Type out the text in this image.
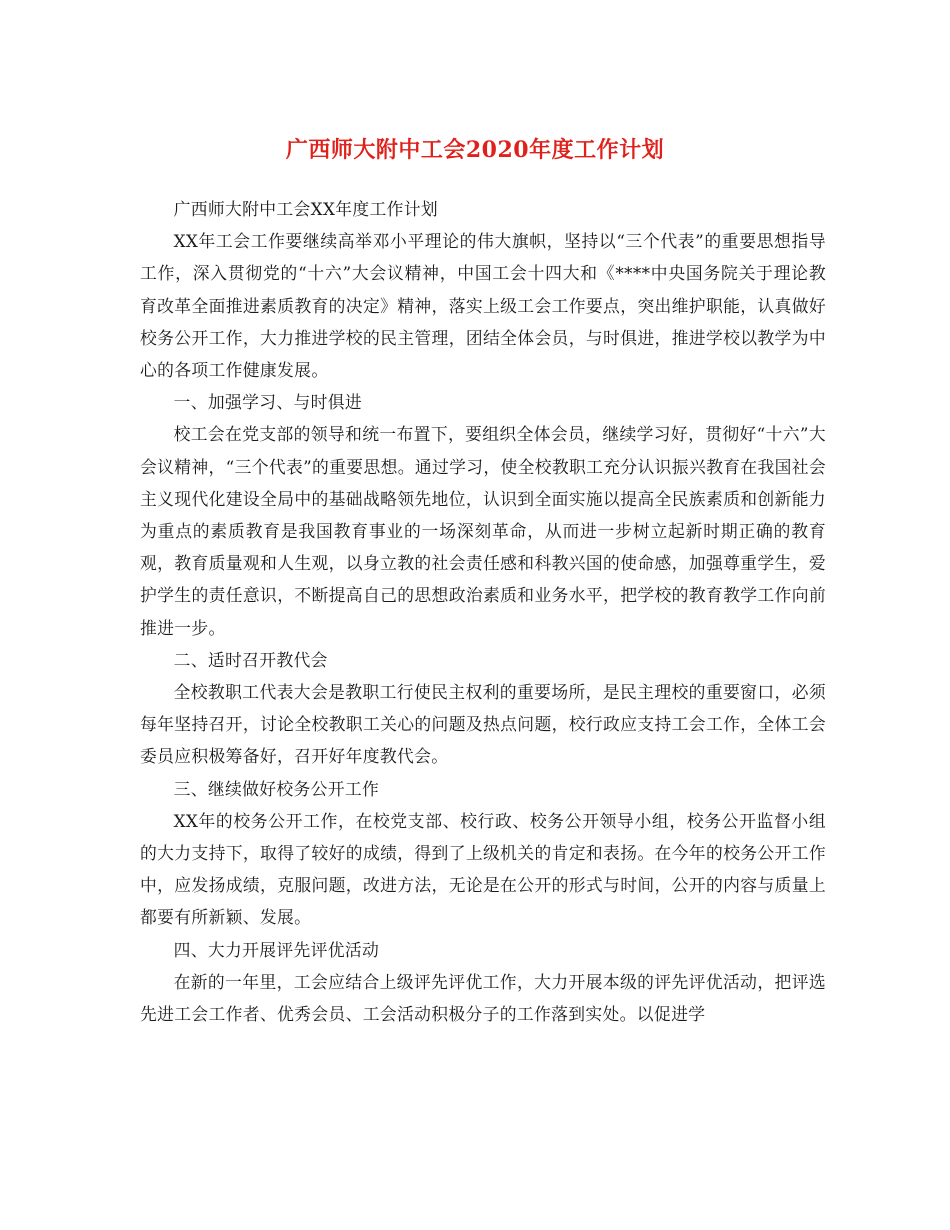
广西师大附中工会2020年度工作计划

广西师大附中工会XX年度工作计划

XX年工会工作要继续高举邓小平理论的伟大旗帜，坚持以“三个代表”的重要思想指导工作，深入贯彻党的“十六”大会议精神，中国工会十四大和《****中央国务院关于理论教育改革全面推进素质教育的决定》精神，落实上级工会工作要点，突出维护职能，认真做好校务公开工作，大力推进学校的民主管理，团结全体会员，与时俱进，推进学校以教学为中心的各项工作健康发展。

一、加强学习、与时俱进

校工会在党支部的领导和统一布置下，要组织全体会员，继续学习好，贯彻好“十六”大会议精神，“三个代表”的重要思想。通过学习，使全校教职工充分认识振兴教育在我国社会主义现代化建设全局中的基础战略领先地位，认识到全面实施以提高全民族素质和创新能力为重点的素质教育是我国教育事业的一场深刻革命，从而进一步树立起新时期正确的教育观，教育质量观和人生观，以身立教的社会责任感和科教兴国的使命感，加强尊重学生，爱护学生的责任意识，不断提高自己的思想政治素质和业务水平，把学校的教育教学工作向前推进一步。

二、适时召开教代会

全校教职工代表大会是教职工行使民主权利的重要场所，是民主理校的重要窗口，必须每年坚持召开，讨论全校教职工关心的问题及热点问题，校行政应支持工会工作，全体工会委员应积极筹备好，召开好年度教代会。

三、继续做好校务公开工作

XX年的校务公开工作，在校党支部、校行政、校务公开领导小组，校务公开监督小组的大力支持下，取得了较好的成绩，得到了上级机关的肯定和表扬。在今年的校务公开工作中，应发扬成绩，克服问题，改进方法，无论是在公开的形式与时间，公开的内容与质量上都要有所新颖、发展。

四、大力开展评先评优活动

在新的一年里，工会应结合上级评先评优工作，大力开展本级的评先评优活动，把评选先进工会工作者、优秀会员、工会活动积极分子的工作落到实处。以促进学
